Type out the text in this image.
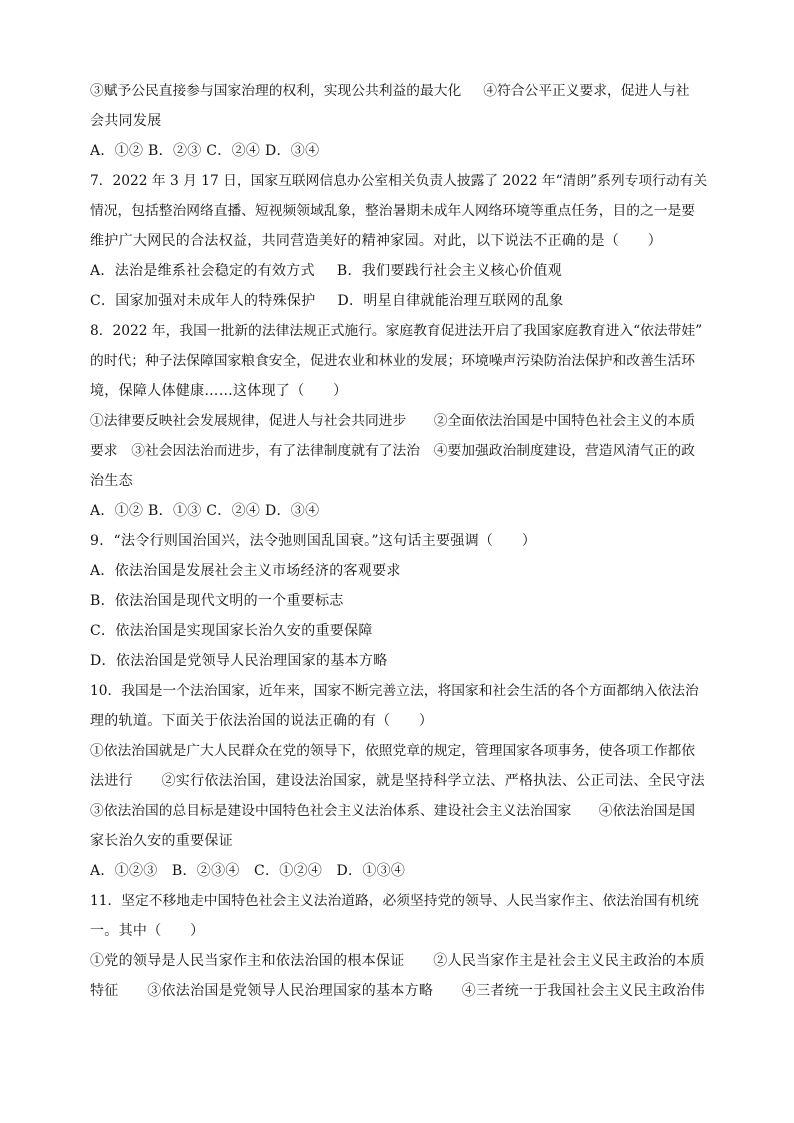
③赋予公民直接参与国家治理的权利，实现公共利益的最大化 ④符合公平正义要求，促进人与社
会共同发展
A．①② B．②③ C．②④ D．③④
7．2022 年 3 月 17 日，国家互联网信息办公室相关负责人披露了 2022 年“清朗”系列专项行动有关
情况，包括整治网络直播、短视频领域乱象，整治暑期未成年人网络环境等重点任务，目的之一是要
维护广大网民的合法权益，共同营造美好的精神家园。对此，以下说法不正确的是（　　）
A．法治是维系社会稳定的有效方式 B．我们要践行社会主义核心价值观
C．国家加强对未成年人的特殊保护 D．明星自律就能治理互联网的乱象
8．2022 年，我国一批新的法律法规正式施行。家庭教育促进法开启了我国家庭教育进入“依法带娃”
的时代；种子法保障国家粮食安全，促进农业和林业的发展；环境噪声污染防治法保护和改善生活环
境，保障人体健康……这体现了（　　）
①法律要反映社会发展规律，促进人与社会共同进步　　②全面依法治国是中国特色社会主义的本质
要求　③社会因法治而进步，有了法律制度就有了法治　④要加强政治制度建设，营造风清气正的政
治生态
A．①② B．①③ C．②④ D．③④
9．“法令行则国治国兴，法令弛则国乱国衰。”这句话主要强调（　　）
A．依法治国是发展社会主义市场经济的客观要求
B．依法治国是现代文明的一个重要标志
C．依法治国是实现国家长治久安的重要保障
D．依法治国是党领导人民治理国家的基本方略
10．我国是一个法治国家，近年来，国家不断完善立法，将国家和社会生活的各个方面都纳入依法治
理的轨道。下面关于依法治国的说法正确的有（　　）
①依法治国就是广大人民群众在党的领导下，依照党章的规定，管理国家各项事务，使各项工作都依
法进行　　②实行依法治国，建设法治国家，就是坚持科学立法、严格执法、公正司法、全民守法
③依法治国的总目标是建设中国特色社会主义法治体系、建设社会主义法治国家　　④依法治国是国
家长治久安的重要保证
A．①②③　B．②③④　C．①②④　D．①③④
11．坚定不移地走中国特色社会主义法治道路，必须坚持党的领导、人民当家作主、依法治国有机统
一。其中（　　）
①党的领导是人民当家作主和依法治国的根本保证　　②人民当家作主是社会主义民主政治的本质
特征　　③依法治国是党领导人民治理国家的基本方略　　④三者统一于我国社会主义民主政治伟
